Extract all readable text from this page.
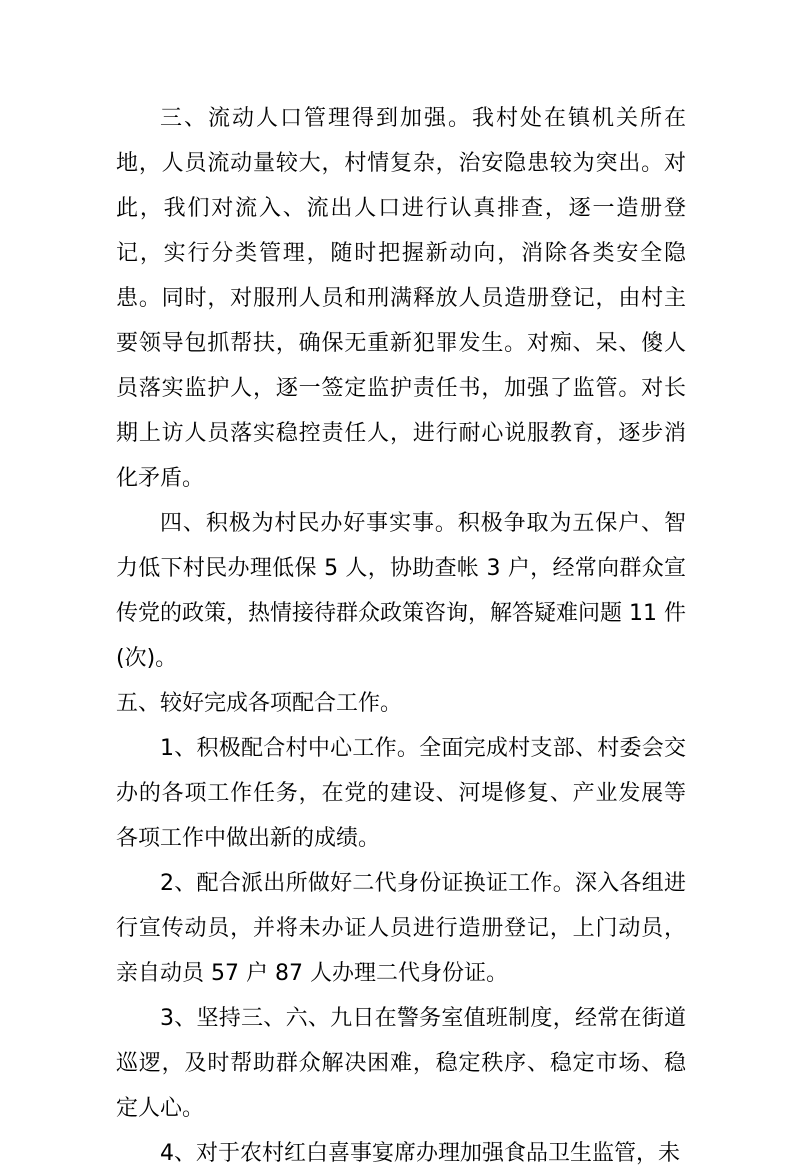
三、流动人口管理得到加强。我村处在镇机关所在地，人员流动量较大，村情复杂，治安隐患较为突出。对此，我们对流入、流出人口进行认真排查，逐一造册登记，实行分类管理，随时把握新动向，消除各类安全隐患。同时，对服刑人员和刑满释放人员造册登记，由村主要领导包抓帮扶，确保无重新犯罪发生。对痴、呆、傻人员落实监护人，逐一签定监护责任书，加强了监管。对长期上访人员落实稳控责任人，进行耐心说服教育，逐步消化矛盾。

四、积极为村民办好事实事。积极争取为五保户、智力低下村民办理低保 5 人，协助查帐 3 户，经常向群众宣传党的政策，热情接待群众政策咨询，解答疑难问题 11 件(次)。

五、较好完成各项配合工作。

1、积极配合村中心工作。全面完成村支部、村委会交办的各项工作任务，在党的建设、河堤修复、产业发展等各项工作中做出新的成绩。

2、配合派出所做好二代身份证换证工作。深入各组进行宣传动员，并将未办证人员进行造册登记，上门动员，亲自动员 57 户 87 人办理二代身份证。

3、坚持三、六、九日在警务室值班制度，经常在街道巡逻，及时帮助群众解决困难，稳定秩序、稳定市场、稳定人心。

4、对于农村红白喜事宴席办理加强食品卫生监管，未
